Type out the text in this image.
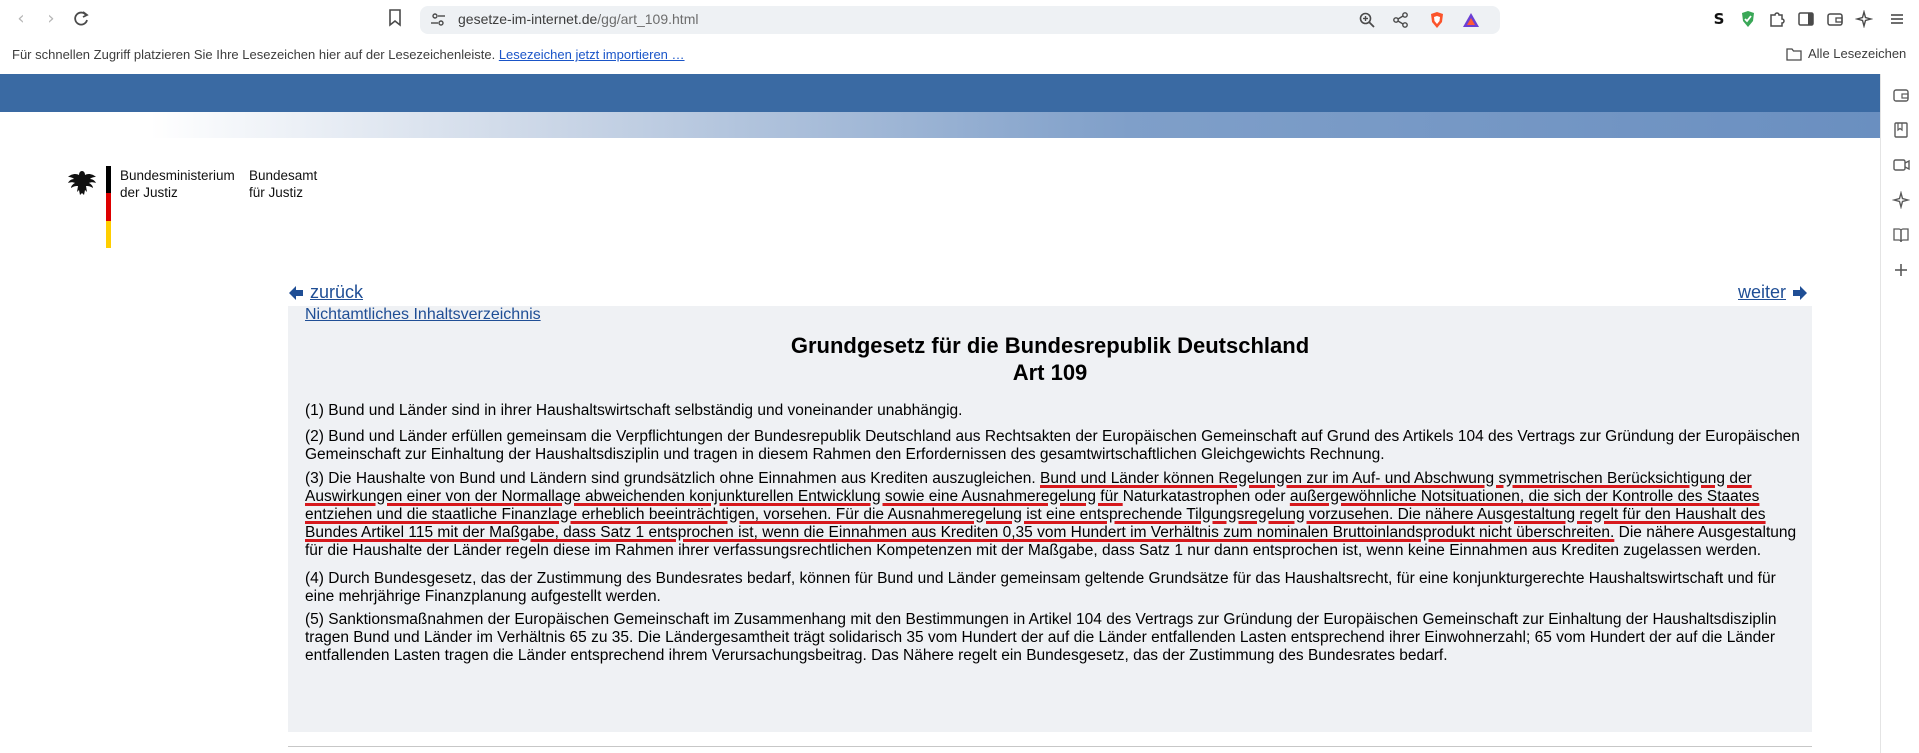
‹	›	gesetze-im-internet.de/gg/art_109.html	S
Für schnellen Zugriff platzieren Sie Ihre Lesezeichen hier auf der Lesezeichenleiste. Lesezeichen jetzt importieren …	Alle Lesezeichen
Bundesministerium
der Justiz
Bundesamt
für Justiz
zurück	weiter
Nichtamtliches Inhaltsverzeichnis
Grundgesetz für die Bundesrepublik Deutschland
Art 109

(1) Bund und Länder sind in ihrer Haushaltswirtschaft selbständig und voneinander unabhängig.

(2) Bund und Länder erfüllen gemeinsam die Verpflichtungen der Bundesrepublik Deutschland aus Rechtsakten der Europäischen Gemeinschaft auf Grund des Artikels 104 des Vertrags zur Gründung der Europäischen Gemeinschaft zur Einhaltung der Haushaltsdisziplin und tragen in diesem Rahmen den Erfordernissen des gesamtwirtschaftlichen Gleichgewichts Rechnung.

(3) Die Haushalte von Bund und Ländern sind grundsätzlich ohne Einnahmen aus Krediten auszugleichen. Bund und Länder können Regelungen zur im Auf- und Abschwung symmetrischen Berücksichtigung der Auswirkungen einer von der Normallage abweichenden konjunkturellen Entwicklung sowie eine Ausnahmeregelung für Naturkatastrophen oder außergewöhnliche Notsituationen, die sich der Kontrolle des Staates entziehen und die staatliche Finanzlage erheblich beeinträchtigen, vorsehen. Für die Ausnahmeregelung ist eine entsprechende Tilgungsregelung vorzusehen. Die nähere Ausgestaltung regelt für den Haushalt des Bundes Artikel 115 mit der Maßgabe, dass Satz 1 entsprochen ist, wenn die Einnahmen aus Krediten 0,35 vom Hundert im Verhältnis zum nominalen Bruttoinlandsprodukt nicht überschreiten. Die nähere Ausgestaltung für die Haushalte der Länder regeln diese im Rahmen ihrer verfassungsrechtlichen Kompetenzen mit der Maßgabe, dass Satz 1 nur dann entsprochen ist, wenn keine Einnahmen aus Krediten zugelassen werden.

(4) Durch Bundesgesetz, das der Zustimmung des Bundesrates bedarf, können für Bund und Länder gemeinsam geltende Grundsätze für das Haushaltsrecht, für eine konjunkturgerechte Haushaltswirtschaft und für eine mehrjährige Finanzplanung aufgestellt werden.

(5) Sanktionsmaßnahmen der Europäischen Gemeinschaft im Zusammenhang mit den Bestimmungen in Artikel 104 des Vertrags zur Gründung der Europäischen Gemeinschaft zur Einhaltung der Haushaltsdisziplin tragen Bund und Länder im Verhältnis 65 zu 35. Die Ländergesamtheit trägt solidarisch 35 vom Hundert der auf die Länder entfallenden Lasten entsprechend ihrer Einwohnerzahl; 65 vom Hundert der auf die Länder entfallenden Lasten tragen die Länder entsprechend ihrem Verursachungsbeitrag. Das Nähere regelt ein Bundesgesetz, das der Zustimmung des Bundesrates bedarf.
